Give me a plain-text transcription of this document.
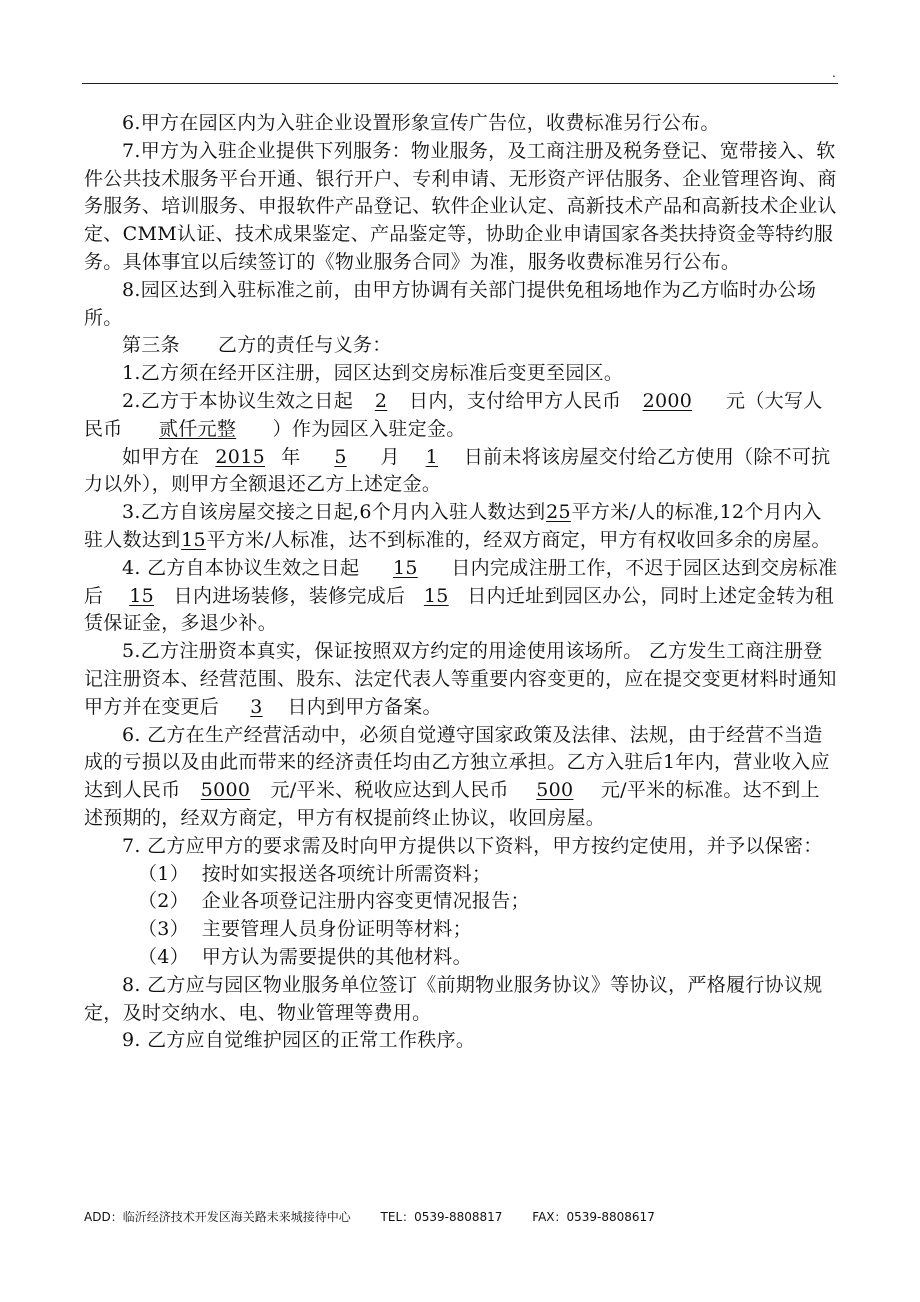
.

6.甲方在园区内为入驻企业设置形象宣传广告位，收费标准另行公布。

7.甲方为入驻企业提供下列服务：物业服务，及工商注册及税务登记、宽带接入、软件公共技术服务平台开通、银行开户、专利申请、无形资产评估服务、企业管理咨询、商务服务、培训服务、申报软件产品登记、软件企业认定、高新技术产品和高新技术企业认定、CMM认证、技术成果鉴定、产品鉴定等，协助企业申请国家各类扶持资金等特约服务。具体事宜以后续签订的《物业服务合同》为准，服务收费标准另行公布。

8.园区达到入驻标准之前，由甲方协调有关部门提供免租场地作为乙方临时办公场所。

第三条 乙方的责任与义务：

1.乙方须在经开区注册，园区达到交房标准后变更至园区。

2.乙方于本协议生效之日起 2 日内，支付给甲方人民币 2000 元（大写人民币 贰仟元整 ）作为园区入驻定金。

如甲方在 2015 年 5 月 1 日前未将该房屋交付给乙方使用（除不可抗力以外），则甲方全额退还乙方上述定金。

3.乙方自该房屋交接之日起,6个月内入驻人数达到25平方米/人的标准,12个月内入驻人数达到15平方米/人标准，达不到标准的，经双方商定，甲方有权收回多余的房屋。

4. 乙方自本协议生效之日起 15 日内完成注册工作，不迟于园区达到交房标准后 15 日内进场装修，装修完成后 15 日内迁址到园区办公，同时上述定金转为租赁保证金，多退少补。

5.乙方注册资本真实，保证按照双方约定的用途使用该场所。 乙方发生工商注册登记注册资本、经营范围、股东、法定代表人等重要内容变更的，应在提交变更材料时通知甲方并在变更后 3 日内到甲方备案。

6. 乙方在生产经营活动中，必须自觉遵守国家政策及法律、法规，由于经营不当造成的亏损以及由此而带来的经济责任均由乙方独立承担。乙方入驻后1年内，营业收入应达到人民币 5000 元/平米、税收应达到人民币 500 元/平米的标准。达不到上述预期的，经双方商定，甲方有权提前终止协议，收回房屋。

7. 乙方应甲方的要求需及时向甲方提供以下资料，甲方按约定使用，并予以保密：

（1） 按时如实报送各项统计所需资料；

（2） 企业各项登记注册内容变更情况报告；

（3） 主要管理人员身份证明等材料；

（4） 甲方认为需要提供的其他材料。

8. 乙方应与园区物业服务单位签订《前期物业服务协议》等协议，严格履行协议规定，及时交纳水、电、物业管理等费用。

9. 乙方应自觉维护园区的正常工作秩序。

ADD：临沂经济技术开发区海关路未来城接待中心 TEL：0539-8808817 FAX：0539-8808617
